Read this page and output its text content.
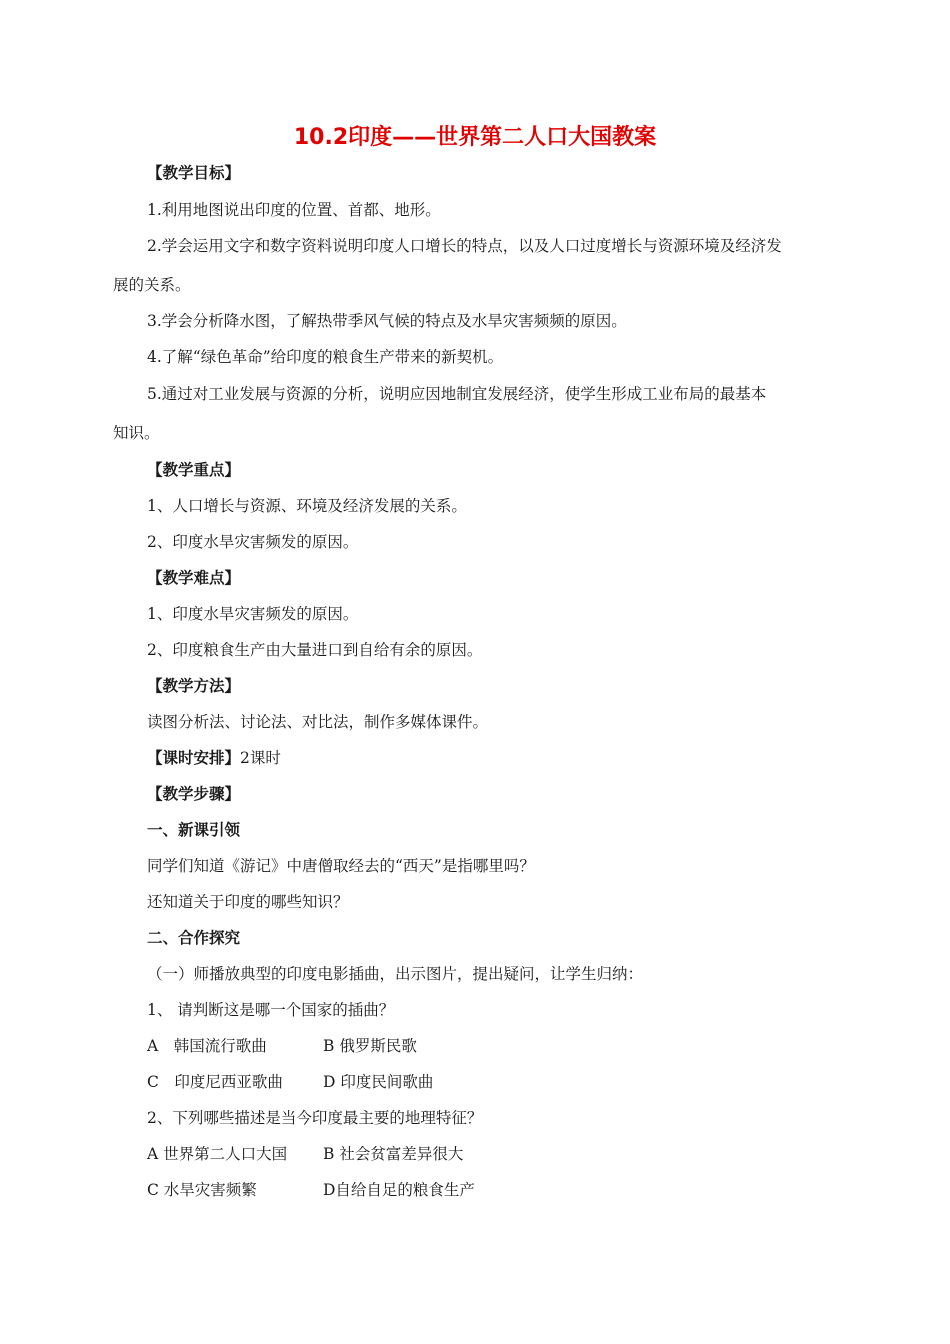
10.2印度——世界第二人口大国教案
【教学目标】
1.利用地图说出印度的位置、首都、地形。
2.学会运用文字和数字资料说明印度人口增长的特点，以及人口过度增长与资源环境及经济发
展的关系。
3.学会分析降水图，了解热带季风气候的特点及水旱灾害频频的原因。
4.了解“绿色革命”给印度的粮食生产带来的新契机。
5.通过对工业发展与资源的分析，说明应因地制宜发展经济，使学生形成工业布局的最基本
知识。
【教学重点】
1、人口增长与资源、环境及经济发展的关系。
2、印度水旱灾害频发的原因。
【教学难点】
1、印度水旱灾害频发的原因。
2、印度粮食生产由大量进口到自给有余的原因。
【教学方法】
读图分析法、讨论法、对比法，制作多媒体课件。
【课时安排】2课时
【教学步骤】
一、新课引领
同学们知道《游记》中唐僧取经去的“西天”是指哪里吗？
还知道关于印度的哪些知识？
二、合作探究
（一）师播放典型的印度电影插曲，出示图片，提出疑问，让学生归纳：
1、 请判断这是哪一个国家的插曲？
A　韩国流行歌曲	B 俄罗斯民歌
C　印度尼西亚歌曲	D 印度民间歌曲
2、下列哪些描述是当今印度最主要的地理特征？
A 世界第二人口大国 B 社会贫富差异很大
C 水旱灾害频繁	D自给自足的粮食生产
